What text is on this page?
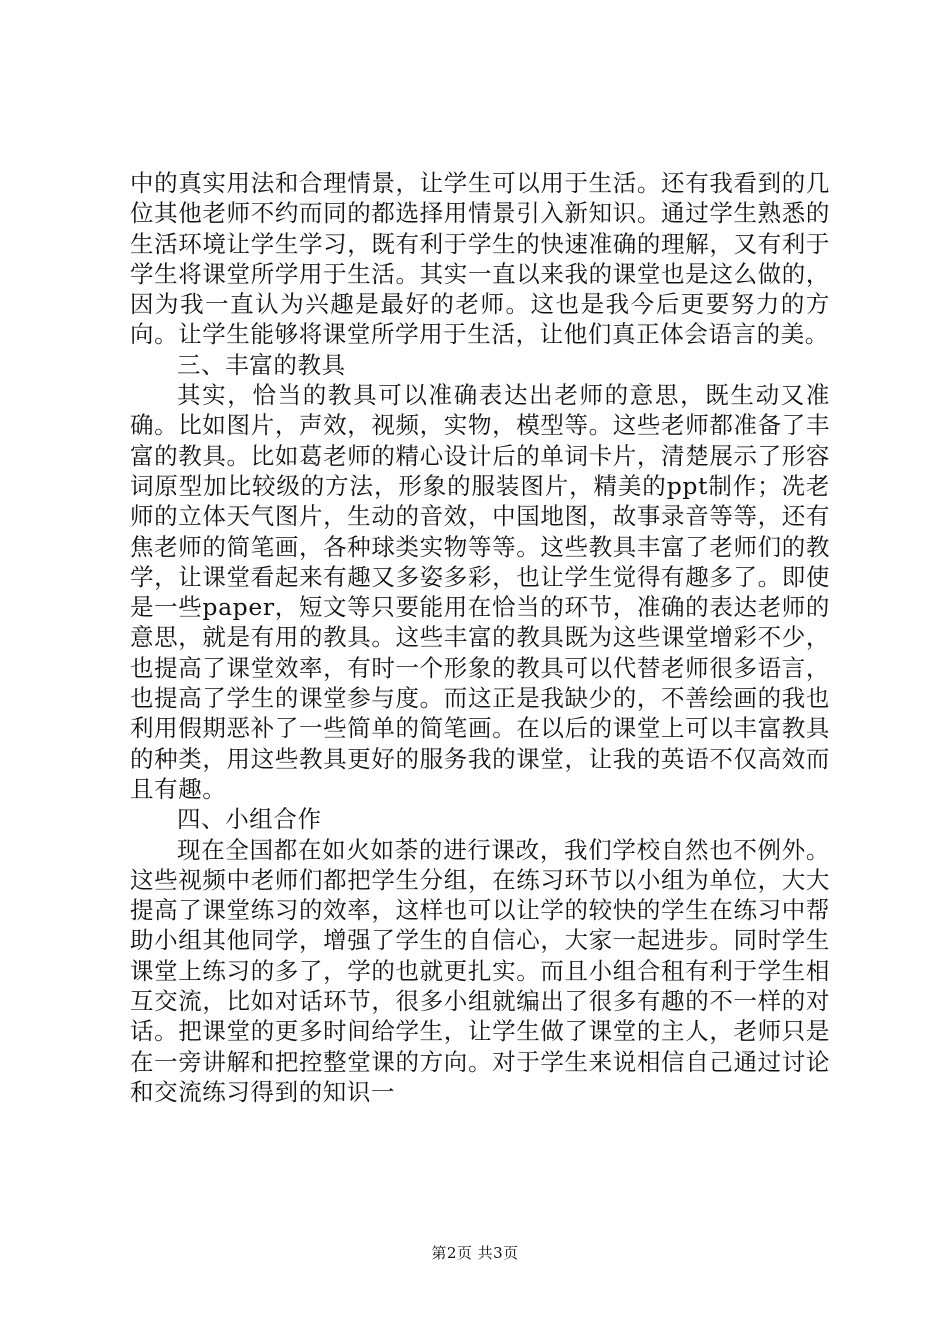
中的真实用法和合理情景，让学生可以用于生活。还有我看到的几位其他老师不约而同的都选择用情景引入新知识。通过学生熟悉的生活环境让学生学习，既有利于学生的快速准确的理解，又有利于学生将课堂所学用于生活。其实一直以来我的课堂也是这么做的，因为我一直认为兴趣是最好的老师。这也是我今后更要努力的方向。让学生能够将课堂所学用于生活，让他们真正体会语言的美。

三、丰富的教具

其实，恰当的教具可以准确表达出老师的意思，既生动又准确。比如图片，声效，视频，实物，模型等。这些老师都准备了丰富的教具。比如葛老师的精心设计后的单词卡片，清楚展示了形容词原型加比较级的方法，形象的服装图片，精美的ppt制作；冼老师的立体天气图片，生动的音效，中国地图，故事录音等等，还有焦老师的简笔画，各种球类实物等等。这些教具丰富了老师们的教学，让课堂看起来有趣又多姿多彩，也让学生觉得有趣多了。即使是一些paper，短文等只要能用在恰当的环节，准确的表达老师的意思，就是有用的教具。这些丰富的教具既为这些课堂增彩不少，也提高了课堂效率，有时一个形象的教具可以代替老师很多语言，也提高了学生的课堂参与度。而这正是我缺少的，不善绘画的我也利用假期恶补了一些简单的简笔画。在以后的课堂上可以丰富教具的种类，用这些教具更好的服务我的课堂，让我的英语不仅高效而且有趣。

四、小组合作

现在全国都在如火如荼的进行课改，我们学校自然也不例外。这些视频中老师们都把学生分组，在练习环节以小组为单位，大大提高了课堂练习的效率，这样也可以让学的较快的学生在练习中帮助小组其他同学，增强了学生的自信心，大家一起进步。同时学生课堂上练习的多了，学的也就更扎实。而且小组合租有利于学生相互交流，比如对话环节，很多小组就编出了很多有趣的不一样的对话。把课堂的更多时间给学生，让学生做了课堂的主人，老师只是在一旁讲解和把控整堂课的方向。对于学生来说相信自己通过讨论和交流练习得到的知识一

第2页 共3页
